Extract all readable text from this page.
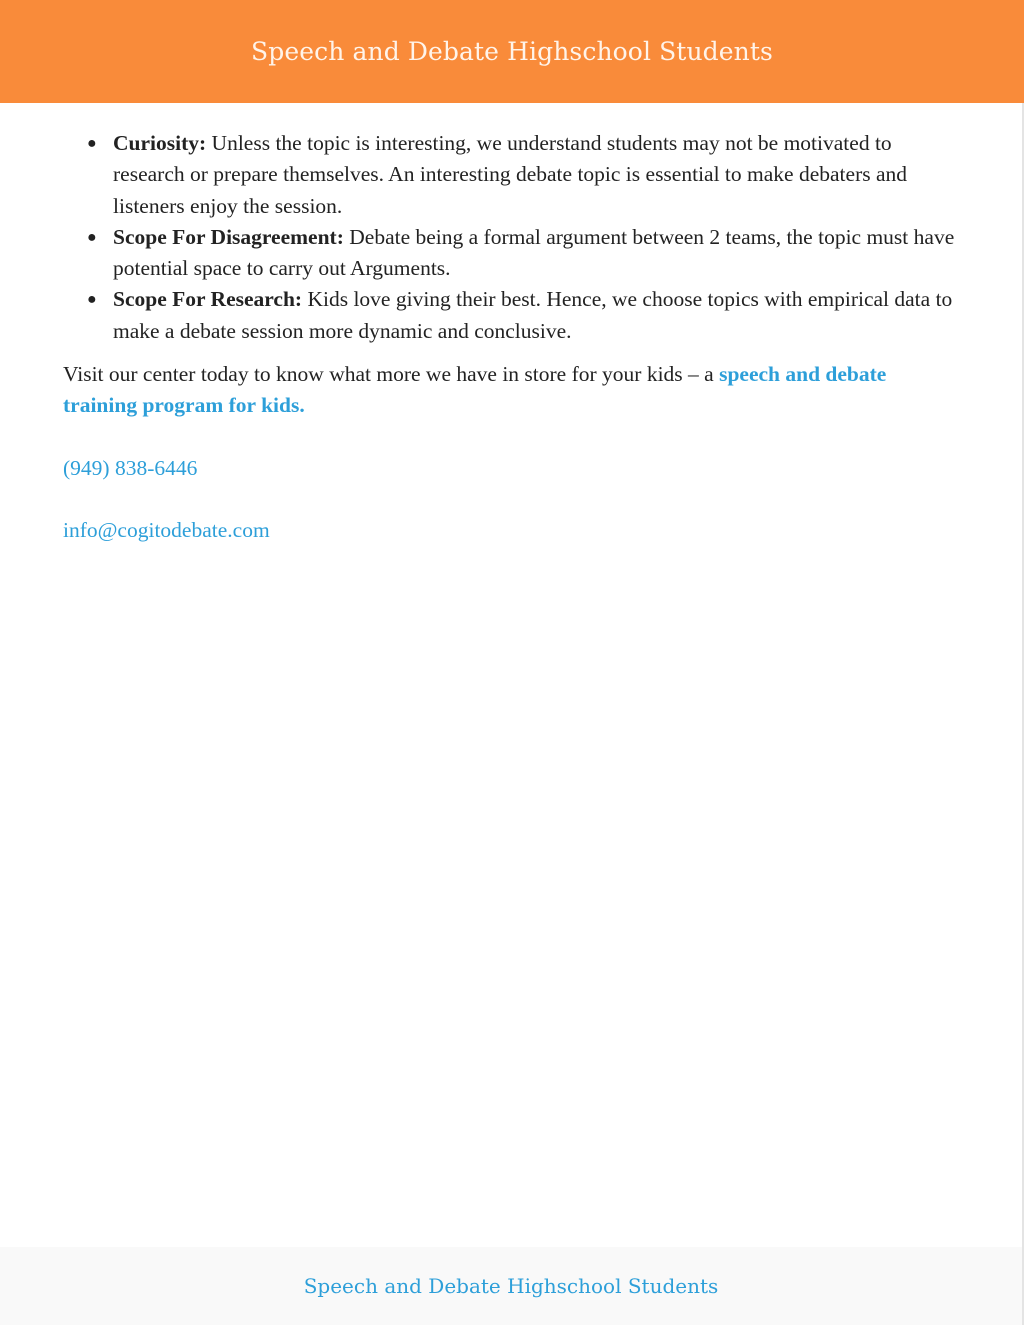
Speech and Debate Highschool Students
● Curiosity: Unless the topic is interesting, we understand students may not be motivated to research or prepare themselves. An interesting debate topic is essential to make debaters and listeners enjoy the session.
● Scope For Disagreement: Debate being a formal argument between 2 teams, the topic must have potential space to carry out Arguments.
● Scope For Research: Kids love giving their best. Hence, we choose topics with empirical data to make a debate session more dynamic and conclusive.

Visit our center today to know what more we have in store for your kids – a speech and debate training program for kids.

(949) 838-6446

info@cogitodebate.com

Speech and Debate Highschool Students
